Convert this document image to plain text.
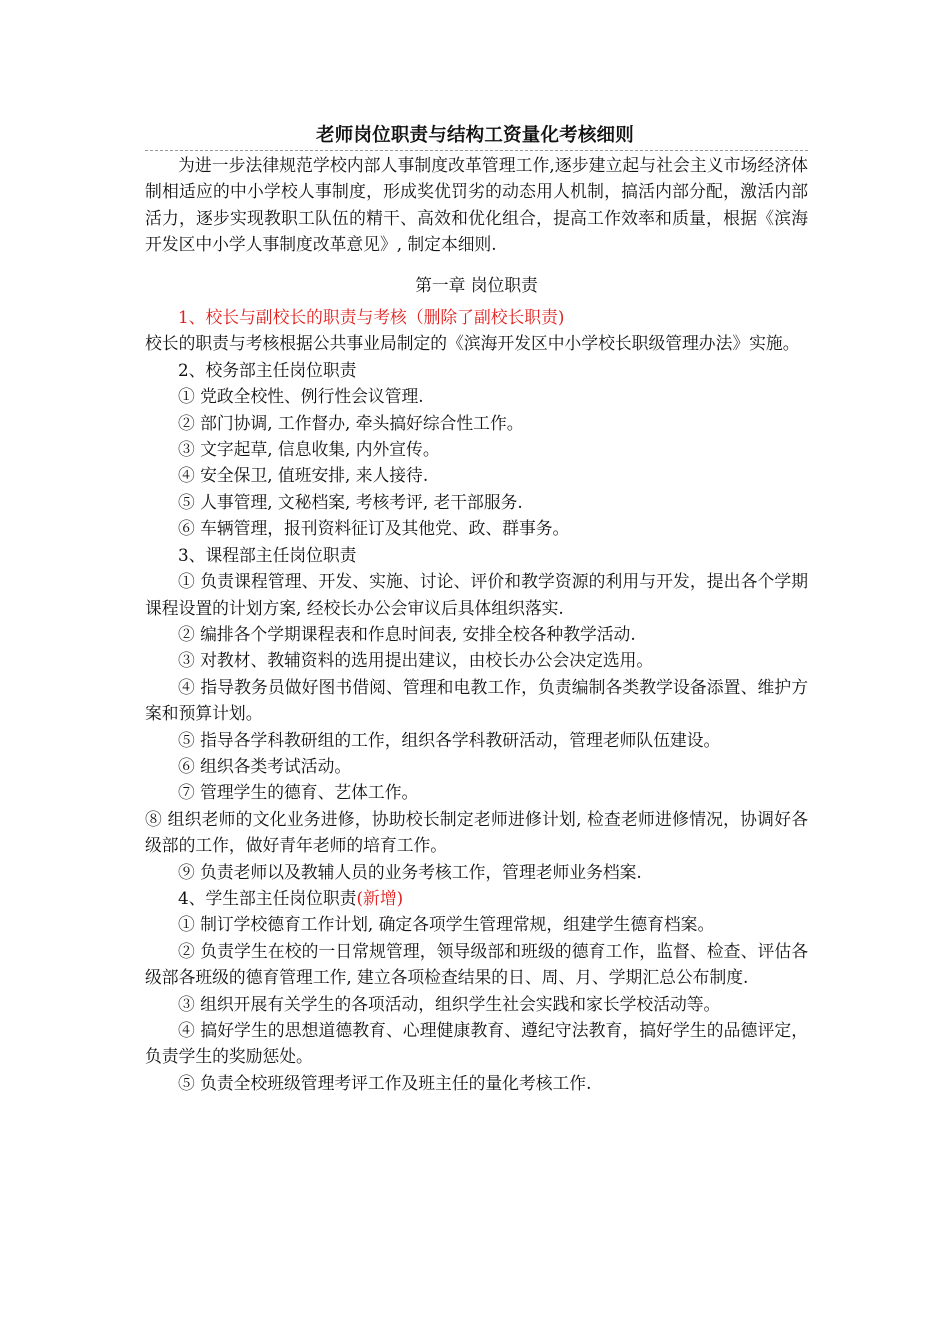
老师岗位职责与结构工资量化考核细则

为进一步法律规范学校内部人事制度改革管理工作,逐步建立起与社会主义市场经济体制相适应的中小学校人事制度，形成奖优罚劣的动态用人机制，搞活内部分配，激活内部活力，逐步实现教职工队伍的精干、高效和优化组合，提高工作效率和质量，根据《滨海开发区中小学人事制度改革意见》, 制定本细则.

第一章 岗位职责

1、校长与副校长的职责与考核（删除了副校长职责)

校长的职责与考核根据公共事业局制定的《滨海开发区中小学校长职级管理办法》实施。

2、校务部主任岗位职责

① 党政全校性、例行性会议管理.

② 部门协调, 工作督办, 牵头搞好综合性工作。

③ 文字起草, 信息收集, 内外宣传。

④ 安全保卫, 值班安排, 来人接待.

⑤ 人事管理, 文秘档案, 考核考评, 老干部服务.

⑥ 车辆管理，报刊资料征订及其他党、政、群事务。

3、课程部主任岗位职责

① 负责课程管理、开发、实施、讨论、评价和教学资源的利用与开发，提出各个学期课程设置的计划方案, 经校长办公会审议后具体组织落实.

② 编排各个学期课程表和作息时间表, 安排全校各种教学活动.

③ 对教材、教辅资料的选用提出建议，由校长办公会决定选用。

④ 指导教务员做好图书借阅、管理和电教工作，负责编制各类教学设备添置、维护方案和预算计划。

⑤ 指导各学科教研组的工作，组织各学科教研活动，管理老师队伍建设。

⑥ 组织各类考试活动。

⑦ 管理学生的德育、艺体工作。

⑧ 组织老师的文化业务进修，协助校长制定老师进修计划, 检查老师进修情况，协调好各级部的工作，做好青年老师的培育工作。

⑨ 负责老师以及教辅人员的业务考核工作，管理老师业务档案.

4、学生部主任岗位职责(新增)

① 制订学校德育工作计划, 确定各项学生管理常规，组建学生德育档案。

② 负责学生在校的一日常规管理，领导级部和班级的德育工作，监督、检查、评估各级部各班级的德育管理工作, 建立各项检查结果的日、周、月、学期汇总公布制度.

③ 组织开展有关学生的各项活动，组织学生社会实践和家长学校活动等。

④ 搞好学生的思想道德教育、心理健康教育、遵纪守法教育，搞好学生的品德评定，负责学生的奖励惩处。

⑤ 负责全校班级管理考评工作及班主任的量化考核工作.
